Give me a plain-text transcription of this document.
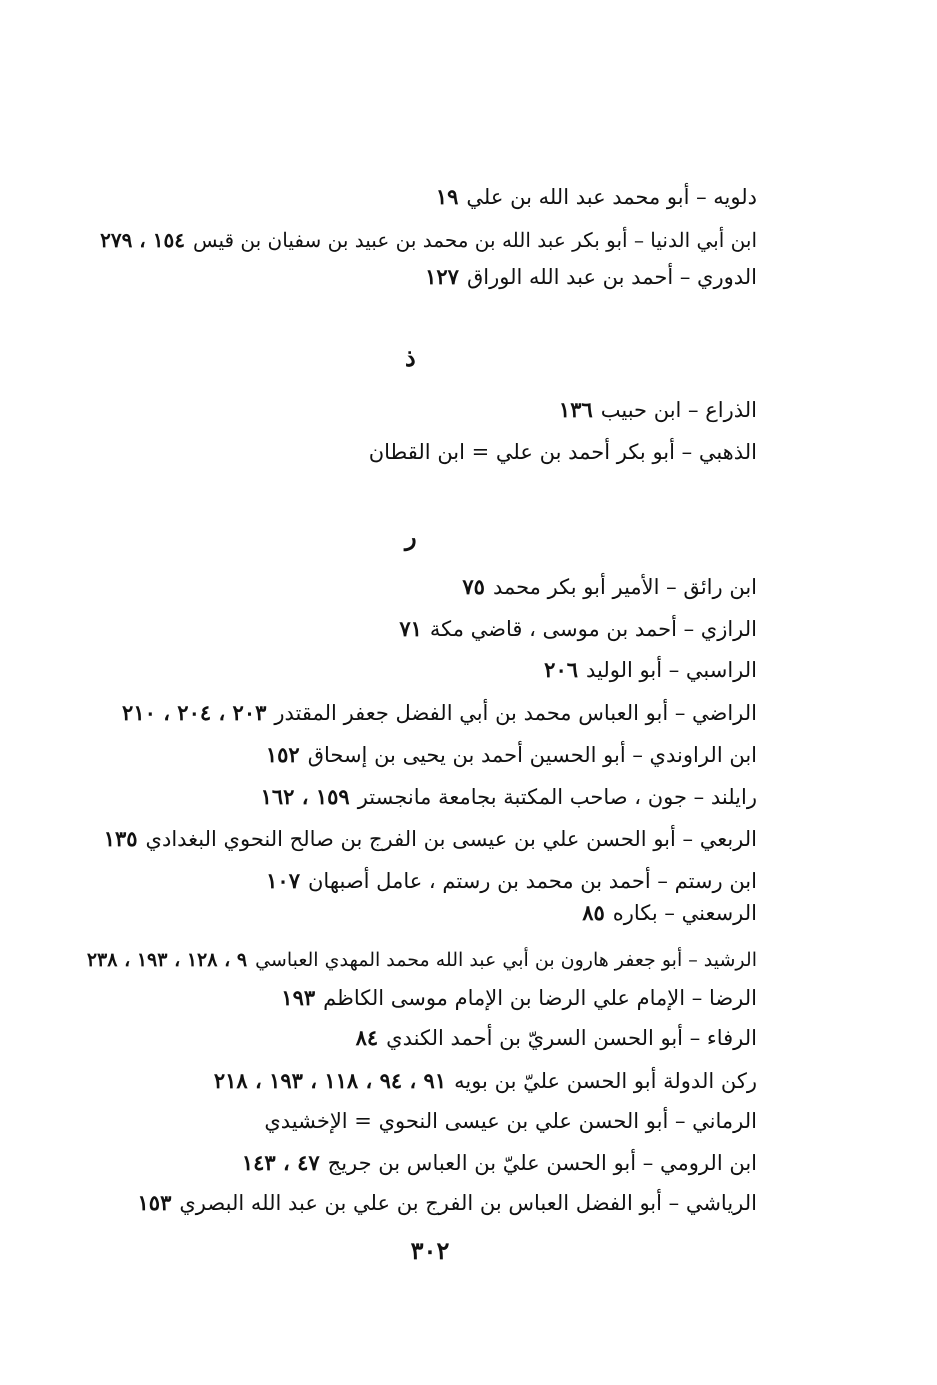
دلويه – أبو محمد عبد الله بن علي١٩
ابن أبي الدنيا – أبو بكر عبد الله بن محمد بن عبيد بن سفيان بن قيس١٥٤ ، ٢٧٩
الدوري – أحمد بن عبد الله الوراق١٢٧
ذ
الذراع – ابن حبيب١٣٦
الذهبي – أبو بكر أحمد بن علي = ابن القطان
ر
ابن رائق – الأمير أبو بكر محمد٧٥
الرازي – أحمد بن موسى ، قاضي مكة٧١
الراسبي – أبو الوليد٢٠٦
الراضي – أبو العباس محمد بن أبي الفضل جعفر المقتدر٢٠٣ ، ٢٠٤ ، ٢١٠
ابن الراوندي – أبو الحسين أحمد بن يحيى بن إسحاق١٥٢
رايلند – جون ، صاحب المكتبة بجامعة مانجستر١٥٩ ، ١٦٢
الربعي – أبو الحسن علي بن عيسى بن الفرج بن صالح النحوي البغدادي١٣٥
ابن رستم – أحمد بن محمد بن رستم ، عامل أصبهان١٠٧
الرسعني – بكاره٨٥
الرشيد – أبو جعفر هارون بن أبي عبد الله محمد المهدي العباسي٩ ، ١٢٨ ، ١٩٣ ، ٢٣٨
الرضا – الإمام علي الرضا بن الإمام موسى الكاظم١٩٣
الرفاء – أبو الحسن السريّ بن أحمد الكندي٨٤
ركن الدولة أبو الحسن عليّ بن بويه٩١ ، ٩٤ ، ١١٨ ، ١٩٣ ، ٢١٨
الرماني – أبو الحسن علي بن عيسى النحوي = الإخشيدي
ابن الرومي – أبو الحسن عليّ بن العباس بن جريج٤٧ ، ١٤٣
الرياشي – أبو الفضل العباس بن الفرج بن علي بن عبد الله البصري١٥٣
٣٠٢
